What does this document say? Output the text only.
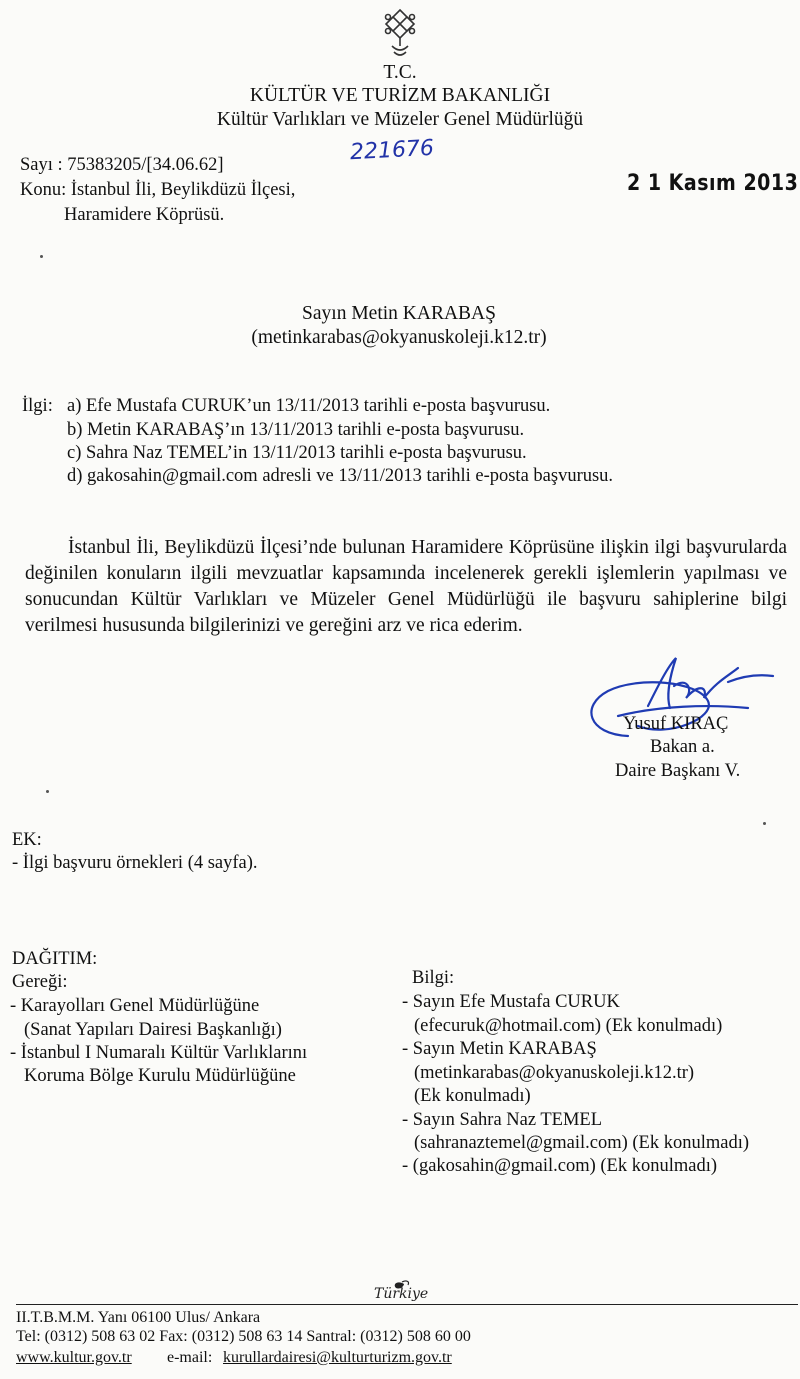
T.C.
KÜLTÜR VE TURİZM BAKANLIĞI
Kültür Varlıkları ve Müzeler Genel Müdürlüğü
Sayı : 75383205/[34.06.62]	221676
2 1 Kasım 2013
Konu: İstanbul İli, Beylikdüzü İlçesi,
Haramidere Köprüsü.
Sayın Metin KARABAŞ
(metinkarabas@okyanuskoleji.k12.tr)
İlgi: a) Efe Mustafa CURUK’un 13/11/2013 tarihli e-posta başvurusu.
b) Metin KARABAŞ’ın 13/11/2013 tarihli e-posta başvurusu.
c) Sahra Naz TEMEL’in 13/11/2013 tarihli e-posta başvurusu.
d) gakosahin@gmail.com adresli ve 13/11/2013 tarihli e-posta başvurusu.
İstanbul İli, Beylikdüzü İlçesi’nde bulunan Haramidere Köprüsüne ilişkin ilgi başvurularda değinilen konuların ilgili mevzuatlar kapsamında incelenerek gerekli işlemlerin yapılması ve sonucundan Kültür Varlıkları ve Müzeler Genel Müdürlüğü ile başvuru sahiplerine bilgi verilmesi hususunda bilgilerinizi ve gereğini arz ve rica ederim.
Yusuf KIRAÇ
Bakan a.
Daire Başkanı V.
EK:
- İlgi başvuru örnekleri (4 sayfa).
DAĞITIM:
Gereği:
- Karayolları Genel Müdürlüğüne
(Sanat Yapıları Dairesi Başkanlığı)
- İstanbul I Numaralı Kültür Varlıklarını
Koruma Bölge Kurulu Müdürlüğüne
Bilgi:
- Sayın Efe Mustafa CURUK
(efecuruk@hotmail.com) (Ek konulmadı)
- Sayın Metin KARABAŞ
(metinkarabas@okyanuskoleji.k12.tr)
(Ek konulmadı)
- Sayın Sahra Naz TEMEL
(sahranaztemel@gmail.com) (Ek konulmadı)
- (gakosahin@gmail.com) (Ek konulmadı)
Türkiye
II.T.B.M.M. Yanı 06100 Ulus/ Ankara
Tel: (0312) 508 63 02 Fax: (0312) 508 63 14 Santral: (0312) 508 60 00
www.kultur.gov.tr e-mail: kurullardairesi@kulturturizm.gov.tr
